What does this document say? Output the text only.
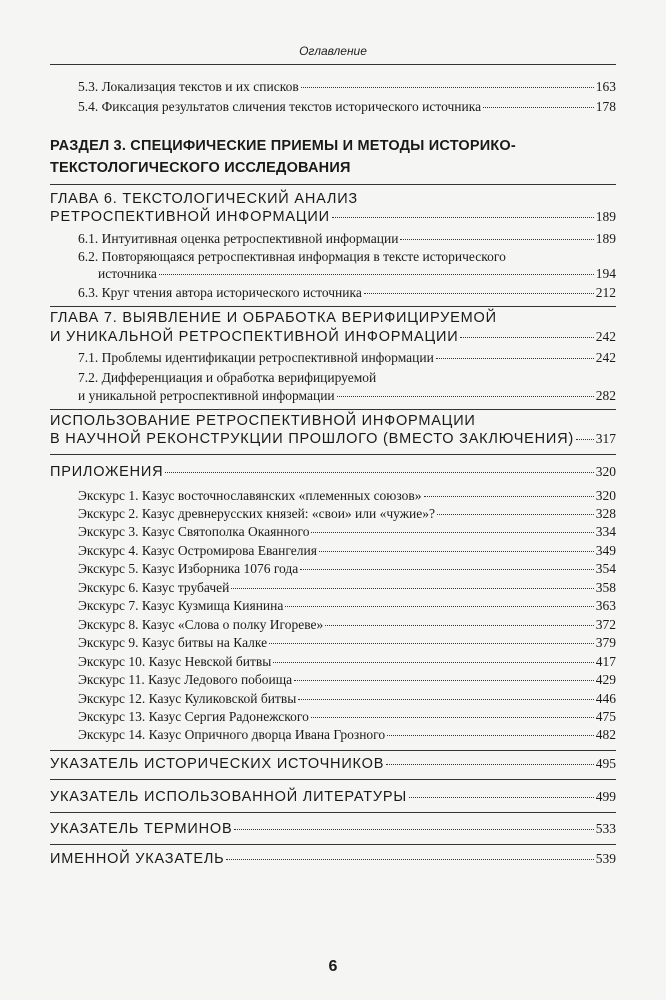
Оглавление
5.3. Локализация текстов и их списков	163
5.4. Фиксация результатов сличения текстов исторического источника	178
РАЗДЕЛ 3. СПЕЦИФИЧЕСКИЕ ПРИЕМЫ И МЕТОДЫ ИСТОРИКО-
ТЕКСТОЛОГИЧЕСКОГО ИССЛЕДОВАНИЯ
ГЛАВА 6. ТЕКСТОЛОГИЧЕСКИЙ АНАЛИЗ
РЕТРОСПЕКТИВНОЙ ИНФОРМАЦИИ	189
6.1. Интуитивная оценка ретроспективной информации	189
6.2. Повторяющаяся ретроспективная информация в тексте исторического
источника	194
6.3. Круг чтения автора исторического источника	212
ГЛАВА 7. ВЫЯВЛЕНИЕ И ОБРАБОТКА ВЕРИФИЦИРУЕМОЙ
И УНИКАЛЬНОЙ РЕТРОСПЕКТИВНОЙ ИНФОРМАЦИИ	242
7.1. Проблемы идентификации ретроспективной информации	242
7.2. Дифференциация и обработка верифицируемой
и уникальной ретроспективной информации	282
ИСПОЛЬЗОВАНИЕ РЕТРОСПЕКТИВНОЙ ИНФОРМАЦИИ
В НАУЧНОЙ РЕКОНСТРУКЦИИ ПРОШЛОГО (ВМЕСТО ЗАКЛЮЧЕНИЯ) 317
ПРИЛОЖЕНИЯ	320
Экскурс 1. Казус восточнославянских «племенных союзов»	320
Экскурс 2. Казус древнерусских князей: «свои» или «чужие»?	328
Экскурс 3. Казус Святополка Окаянного	334
Экскурс 4. Казус Остромирова Евангелия	349
Экскурс 5. Казус Изборника 1076 года	354
Экскурс 6. Казус трубачей	358
Экскурс 7. Казус Кузмища Киянина	363
Экскурс 8. Казус «Слова о полку Игореве»	372
Экскурс 9. Казус битвы на Калке	379
Экскурс 10. Казус Невской битвы	417
Экскурс 11. Казус Ледового побоища	429
Экскурс 12. Казус Куликовской битвы	446
Экскурс 13. Казус Сергия Радонежского	475
Экскурс 14. Казус Опричного дворца Ивана Грозного	482
УКАЗАТЕЛЬ ИСТОРИЧЕСКИХ ИСТОЧНИКОВ	495
УКАЗАТЕЛЬ ИСПОЛЬЗОВАННОЙ ЛИТЕРАТУРЫ	499
УКАЗАТЕЛЬ ТЕРМИНОВ	533
ИМЕННОЙ УКАЗАТЕЛЬ	539
6
